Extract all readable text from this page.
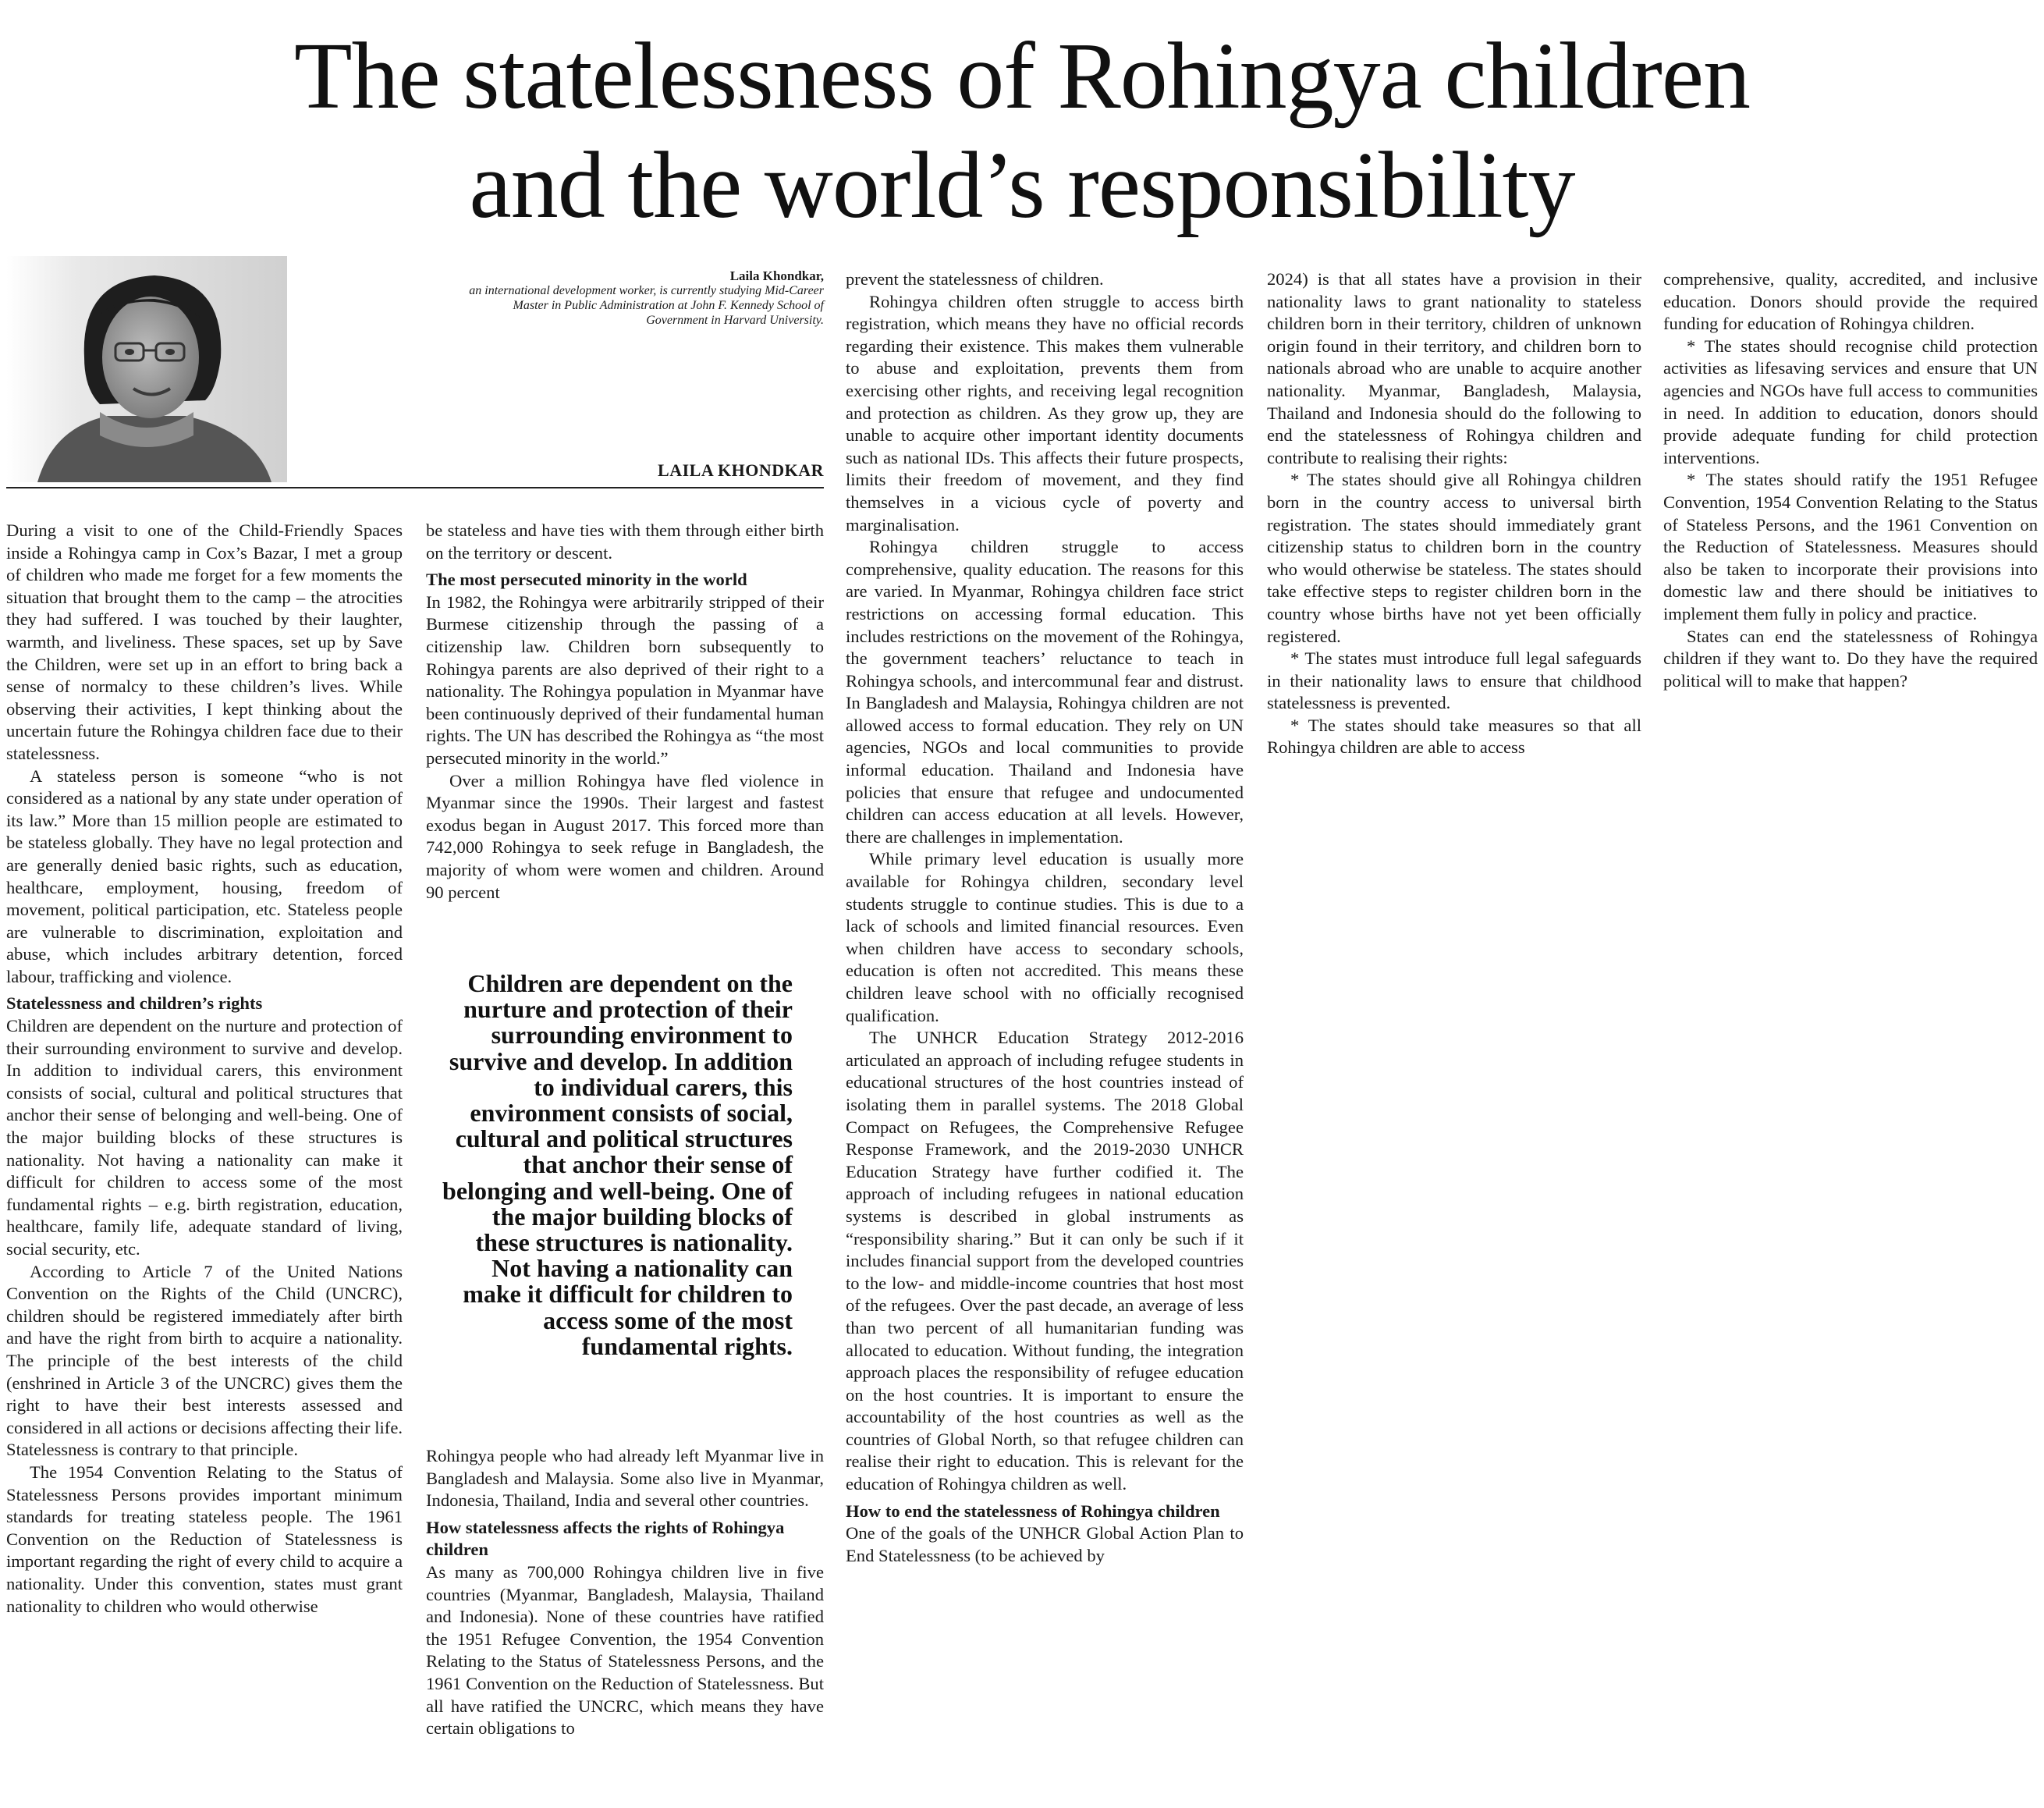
The statelessness of Rohingya children
and the world’s responsibility
Laila Khondkar,
an international development worker, is currently studying Mid-Career Master in Public Administration at John F. Kennedy School of Government in Harvard University.
LAILA KHONDKAR

During a visit to one of the Child-Friendly Spaces inside a Rohingya camp in Cox’s Bazar, I met a group of children who made me forget for a few moments the situation that brought them to the camp – the atrocities they had suffered. I was touched by their laughter, warmth, and liveliness. These spaces, set up by Save the Children, were set up in an effort to bring back a sense of normalcy to these children’s lives. While observing their activities, I kept thinking about the uncertain future the Rohingya children face due to their statelessness.

A stateless person is someone “who is not considered as a national by any state under operation of its law.” More than 15 million people are estimated to be stateless globally. They have no legal protection and are generally denied basic rights, such as education, healthcare, employment, housing, freedom of movement, political participation, etc. Stateless people are vulnerable to discrimination, exploitation and abuse, which includes arbitrary detention, forced labour, trafficking and violence.

Statelessness and children’s rights

Children are dependent on the nurture and protection of their surrounding environment to survive and develop. In addition to individual carers, this environment consists of social, cultural and political structures that anchor their sense of belonging and well-being. One of the major building blocks of these structures is nationality. Not having a nationality can make it difficult for children to access some of the most fundamental rights – e.g. birth registration, education, healthcare, family life, adequate standard of living, social security, etc.

According to Article 7 of the United Nations Convention on the Rights of the Child (UNCRC), children should be registered immediately after birth and have the right from birth to acquire a nationality. The principle of the best interests of the child (enshrined in Article 3 of the UNCRC) gives them the right to have their best interests assessed and considered in all actions or decisions affecting their life. Statelessness is contrary to that principle.

The 1954 Convention Relating to the Status of Statelessness Persons provides important minimum standards for treating stateless people. The 1961 Convention on the Reduction of Statelessness is important regarding the right of every child to acquire a nationality. Under this convention, states must grant nationality to children who would otherwise

be stateless and have ties with them through either birth on the territory or descent.

The most persecuted minority in the world

In 1982, the Rohingya were arbitrarily stripped of their Burmese citizenship through the passing of a citizenship law. Children born subsequently to Rohingya parents are also deprived of their right to a nationality. The Rohingya population in Myanmar have been continuously deprived of their fundamental human rights. The UN has described the Rohingya as “the most persecuted minority in the world.”

Over a million Rohingya have fled violence in Myanmar since the 1990s. Their largest and fastest exodus began in August 2017. This forced more than 742,000 Rohingya to seek refuge in Bangladesh, the majority of whom were women and children. Around 90 percent

Children are dependent on the nurture and protection of their surrounding environment to survive and develop. In addition to individual carers, this environment consists of social, cultural and political structures that anchor their sense of belonging and well-being. One of the major building blocks of these structures is nationality. Not having a nationality can make it difficult for children to access some of the most fundamental rights.

Rohingya people who had already left Myanmar live in Bangladesh and Malaysia. Some also live in Myanmar, Indonesia, Thailand, India and several other countries.

How statelessness affects the rights of Rohingya children

As many as 700,000 Rohingya children live in five countries (Myanmar, Bangladesh, Malaysia, Thailand and Indonesia). None of these countries have ratified the 1951 Refugee Convention, the 1954 Convention Relating to the Status of Statelessness Persons, and the 1961 Convention on the Reduction of Statelessness. But all have ratified the UNCRC, which means they have certain obligations to

prevent the statelessness of children.

Rohingya children often struggle to access birth registration, which means they have no official records regarding their existence. This makes them vulnerable to abuse and exploitation, prevents them from exercising other rights, and receiving legal recognition and protection as children. As they grow up, they are unable to acquire other important identity documents such as national IDs. This affects their future prospects, limits their freedom of movement, and they find themselves in a vicious cycle of poverty and marginalisation.

Rohingya children struggle to access comprehensive, quality education. The reasons for this are varied. In Myanmar, Rohingya children face strict restrictions on accessing formal education. This includes restrictions on the movement of the Rohingya, the government teachers’ reluctance to teach in Rohingya schools, and intercommunal fear and distrust. In Bangladesh and Malaysia, Rohingya children are not allowed access to formal education. They rely on UN agencies, NGOs and local communities to provide informal education. Thailand and Indonesia have policies that ensure that refugee and undocumented children can access education at all levels. However, there are challenges in implementation.

While primary level education is usually more available for Rohingya children, secondary level students struggle to continue studies. This is due to a lack of schools and limited financial resources. Even when children have access to secondary schools, education is often not accredited. This means these children leave school with no officially recognised qualification.

The UNHCR Education Strategy 2012-2016 articulated an approach of including refugee students in educational structures of the host countries instead of isolating them in parallel systems. The 2018 Global Compact on Refugees, the Comprehensive Refugee Response Framework, and the 2019-2030 UNHCR Education Strategy have further codified it. The approach of including refugees in national education systems is described in global instruments as “responsibility sharing.” But it can only be such if it includes financial support from the developed countries to the low- and middle-income countries that host most of the refugees. Over the past decade, an average of less than two percent of all humanitarian funding was allocated to education. Without funding, the integration approach places the responsibility of refugee education on the host countries. It is important to ensure the accountability of the host countries as well as the countries of Global North, so that refugee children can realise their right to education. This is relevant for the education of Rohingya children as well.

How to end the statelessness of Rohingya children

One of the goals of the UNHCR Global Action Plan to End Statelessness (to be achieved by

2024) is that all states have a provision in their nationality laws to grant nationality to stateless children born in their territory, children of unknown origin found in their territory, and children born to nationals abroad who are unable to acquire another nationality. Myanmar, Bangladesh, Malaysia, Thailand and Indonesia should do the following to end the statelessness of Rohingya children and contribute to realising their rights:

* The states should give all Rohingya children born in the country access to universal birth registration. The states should immediately grant citizenship status to children born in the country who would otherwise be stateless. The states should take effective steps to register children born in the country whose births have not yet been officially registered.

* The states must introduce full legal safeguards in their nationality laws to ensure that childhood statelessness is prevented.

* The states should take measures so that all Rohingya children are able to access

comprehensive, quality, accredited, and inclusive education. Donors should provide the required funding for education of Rohingya children.

* The states should recognise child protection activities as lifesaving services and ensure that UN agencies and NGOs have full access to communities in need. In addition to education, donors should provide adequate funding for child protection interventions.

* The states should ratify the 1951 Refugee Convention, 1954 Convention Relating to the Status of Stateless Persons, and the 1961 Convention on the Reduction of Statelessness. Measures should also be taken to incorporate their provisions into domestic law and there should be initiatives to implement them fully in policy and practice.

States can end the statelessness of Rohingya children if they want to. Do they have the required political will to make that happen?
